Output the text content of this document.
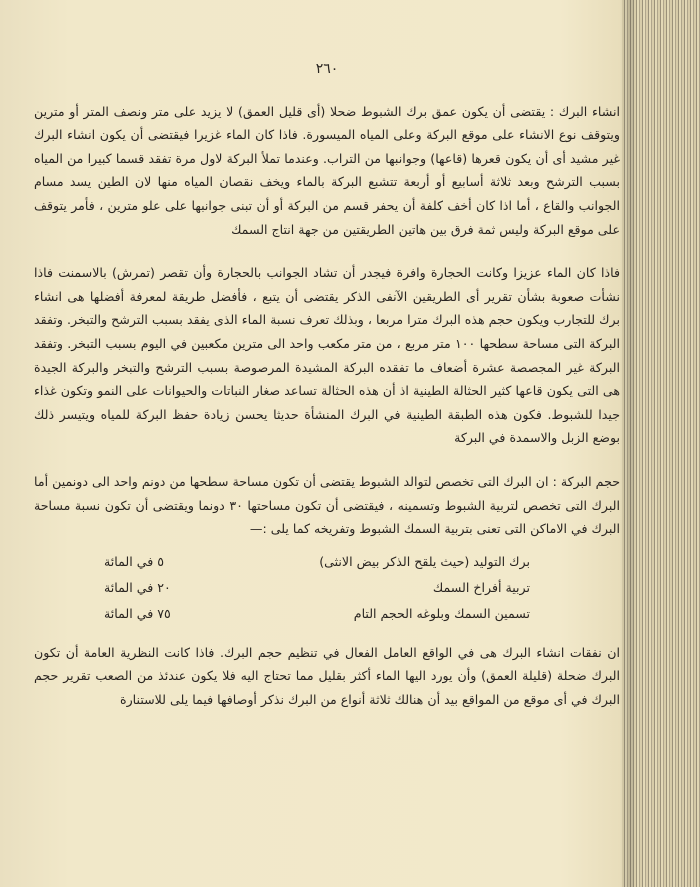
٢٦٠

انشاء البرك : يقتضى أن يكون عمق برك الشبوط ضحلا (أى قليل العمق) لا يزيد على متر ونصف المتر أو مترين ويتوقف نوع الانشاء على موقع البركة وعلى المياه الميسورة. فاذا كان الماء غزيرا فيقتضى أن يكون انشاء البرك غير مشيد أى أن يكون قعرها (قاعها) وجوانبها من التراب. وعندما تملأ البركة لاول مرة تفقد قسما كبيرا من المياه بسبب الترشح وبعد ثلاثة أسابيع أو أربعة تتشبع البركة بالماء ويخف نقصان المياه منها لان الطين يسد مسام الجوانب والقاع ، أما اذا كان أخف كلفة أن يحفر قسم من البركة أو أن تبنى جوانبها على علو مترين ، فأمر يتوقف على موقع البركة وليس ثمة فرق بين هاتين الطريقتين من جهة انتاج السمك

فاذا كان الماء عزيزا وكانت الحجارة وافرة فيجدر أن تشاد الجوانب بالحجارة وأن تقصر (تمرش) بالاسمنت فاذا نشأت صعوبة بشأن تقرير أى الطريقين الآنفى الذكر يقتضى أن يتبع ، فأفضل طريقة لمعرفة أفضلها هى انشاء برك للتجارب ويكون حجم هذه البرك مترا مربعا ، وبذلك تعرف نسبة الماء الذى يفقد بسبب الترشح والتبخر. وتفقد البركة التى مساحة سطحها ١٠٠ متر مربع ، من متر مكعب واحد الى مترين مكعبين في اليوم بسبب التبخر. وتفقد البركة غير المجصصة عشرة أضعاف ما تفقده البركة المشيدة المرصوصة بسبب الترشح والتبخر والبركة الجيدة هى التى يكون قاعها كثير الحثالة الطينية اذ أن هذه الحثالة تساعد صغار النباتات والحيوانات على النمو وتكون غذاء جيدا للشبوط. فكون هذه الطبقة الطينية في البرك المنشأة حديثا يحسن زيادة حفظ البركة للمياه ويتيسر ذلك بوضع الزبل والاسمدة في البركة

حجم البركة : ان البرك التى تخصص لتوالد الشبوط يقتضى أن تكون مساحة سطحها من دونم واحد الى دونمين أما البرك التى تخصص لتربية الشبوط وتسمينه ، فيقتضى أن تكون مساحتها ٣٠ دونما ويقتضى أن تكون نسبة مساحة البرك في الاماكن التى تعنى بتربية السمك الشبوط وتفريخه كما يلى :—

برك التوليد (حيث يلقح الذكر بيض الانثى)
٥ في المائة
تربية أفراخ السمك
٢٠ في المائة
تسمين السمك وبلوغه الحجم التام
٧٥ في المائة

ان نفقات انشاء البرك هى في الواقع العامل الفعال في تنظيم حجم البرك. فاذا كانت النظرية العامة أن تكون البرك ضحلة (قليلة العمق) وأن يورد اليها الماء أكثر بقليل مما تحتاج اليه فلا يكون عندئذ من الصعب تقرير حجم البرك في أى موقع من المواقع بيد أن هنالك ثلاثة أنواع من البرك نذكر أوصافها فيما يلى للاستنارة
